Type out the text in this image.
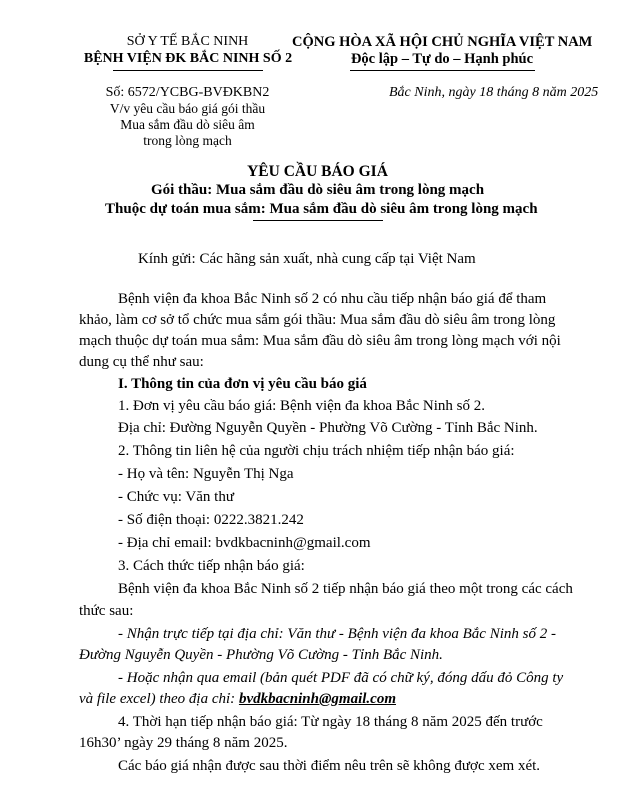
SỞ Y TẾ BẮC NINH
BỆNH VIỆN ĐK BẮC NINH SỐ 2
CỘNG HÒA XÃ HỘI CHỦ NGHĨA VIỆT NAM
Độc lập – Tự do – Hạnh phúc
Số: 6572/YCBG-BVĐKBN2
V/v yêu cầu báo giá gói thầu
Mua sắm đầu dò siêu âm
trong lòng mạch
Bắc Ninh, ngày 18 tháng 8 năm 2025
YÊU CẦU BÁO GIÁ
Gói thầu: Mua sắm đầu dò siêu âm trong lòng mạch
Thuộc dự toán mua sắm: Mua sắm đầu dò siêu âm trong lòng mạch
Kính gửi: Các hãng sản xuất, nhà cung cấp tại Việt Nam
Bệnh viện đa khoa Bắc Ninh số 2 có nhu cầu tiếp nhận báo giá để tham
khảo, làm cơ sở tổ chức mua sắm gói thầu: Mua sắm đầu dò siêu âm trong lòng
mạch thuộc dự toán mua sắm: Mua sắm đầu dò siêu âm trong lòng mạch với nội
dung cụ thể như sau:
I. Thông tin của đơn vị yêu cầu báo giá
1. Đơn vị yêu cầu báo giá: Bệnh viện đa khoa Bắc Ninh số 2.
Địa chỉ: Đường Nguyễn Quyền - Phường Võ Cường - Tỉnh Bắc Ninh.
2. Thông tin liên hệ của người chịu trách nhiệm tiếp nhận báo giá:
- Họ và tên: Nguyễn Thị Nga
- Chức vụ: Văn thư
- Số điện thoại: 0222.3821.242
- Địa chỉ email: bvdkbacninh@gmail.com
3. Cách thức tiếp nhận báo giá:
Bệnh viện đa khoa Bắc Ninh số 2 tiếp nhận báo giá theo một trong các cách
thức sau:
- Nhận trực tiếp tại địa chỉ: Văn thư - Bệnh viện đa khoa Bắc Ninh số 2 -
Đường Nguyễn Quyền - Phường Võ Cường - Tỉnh Bắc Ninh.
- Hoặc nhận qua email (bản quét PDF đã có chữ ký, đóng dấu đỏ Công ty
và file excel) theo địa chỉ: bvdkbacninh@gmail.com
4. Thời hạn tiếp nhận báo giá: Từ ngày 18 tháng 8 năm 2025 đến trước
16h30’ ngày 29 tháng 8 năm 2025.
Các báo giá nhận được sau thời điểm nêu trên sẽ không được xem xét.
